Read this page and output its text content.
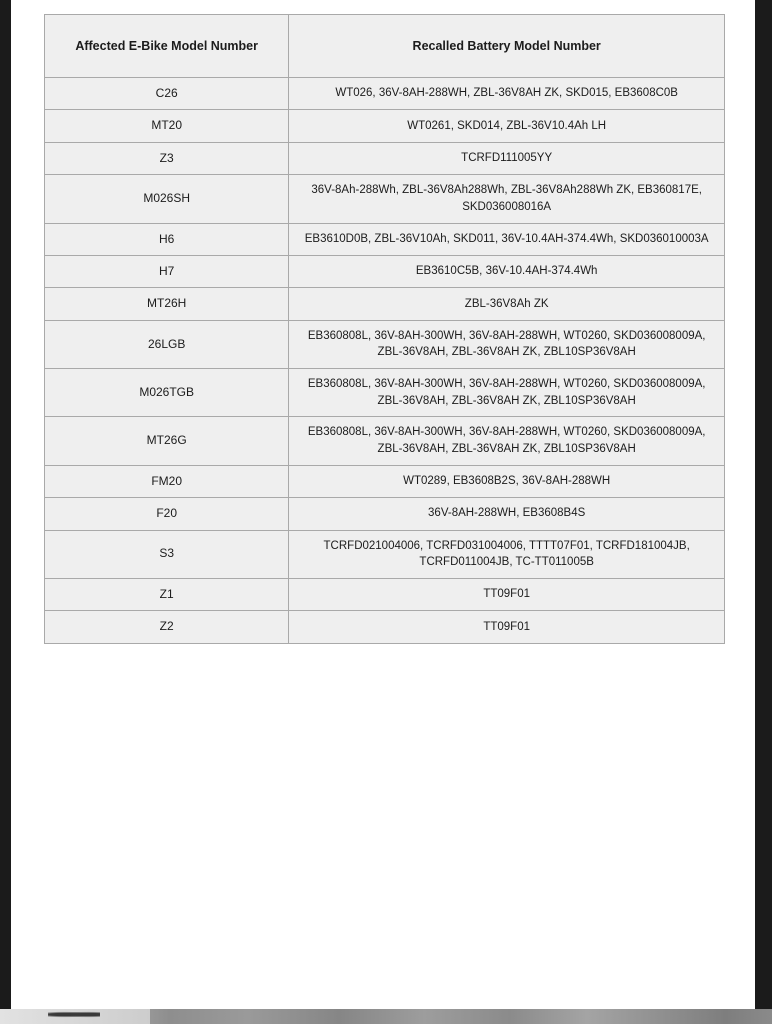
Affected E-Bike Model Number	Recalled Battery Model Number
C26	WT026, 36V-8AH-288WH, ZBL-36V8AH ZK, SKD015, EB3608C0B
MT20	WT0261, SKD014, ZBL-36V10.4Ah LH
Z3	TCRFD111005YY
M026SH	36V-8Ah-288Wh, ZBL-36V8Ah288Wh, ZBL-36V8Ah288Wh ZK, EB360817E, SKD036008016A
H6	EB3610D0B, ZBL-36V10Ah, SKD011, 36V-10.4AH-374.4Wh, SKD036010003A
H7	EB3610C5B, 36V-10.4AH-374.4Wh
MT26H	ZBL-36V8Ah ZK
26LGB	EB360808L, 36V-8AH-300WH, 36V-8AH-288WH, WT0260, SKD036008009A, ZBL-36V8AH, ZBL-36V8AH ZK, ZBL10SP36V8AH
M026TGB	EB360808L, 36V-8AH-300WH, 36V-8AH-288WH, WT0260, SKD036008009A, ZBL-36V8AH, ZBL-36V8AH ZK, ZBL10SP36V8AH
MT26G	EB360808L, 36V-8AH-300WH, 36V-8AH-288WH, WT0260, SKD036008009A, ZBL-36V8AH, ZBL-36V8AH ZK, ZBL10SP36V8AH
FM20	WT0289, EB3608B2S, 36V-8AH-288WH
F20	36V-8AH-288WH, EB3608B4S
S3	TCRFD021004006, TCRFD031004006, TTTT07F01, TCRFD181004JB, TCRFD011004JB, TC-TT011005B
Z1	TT09F01
Z2	TT09F01
